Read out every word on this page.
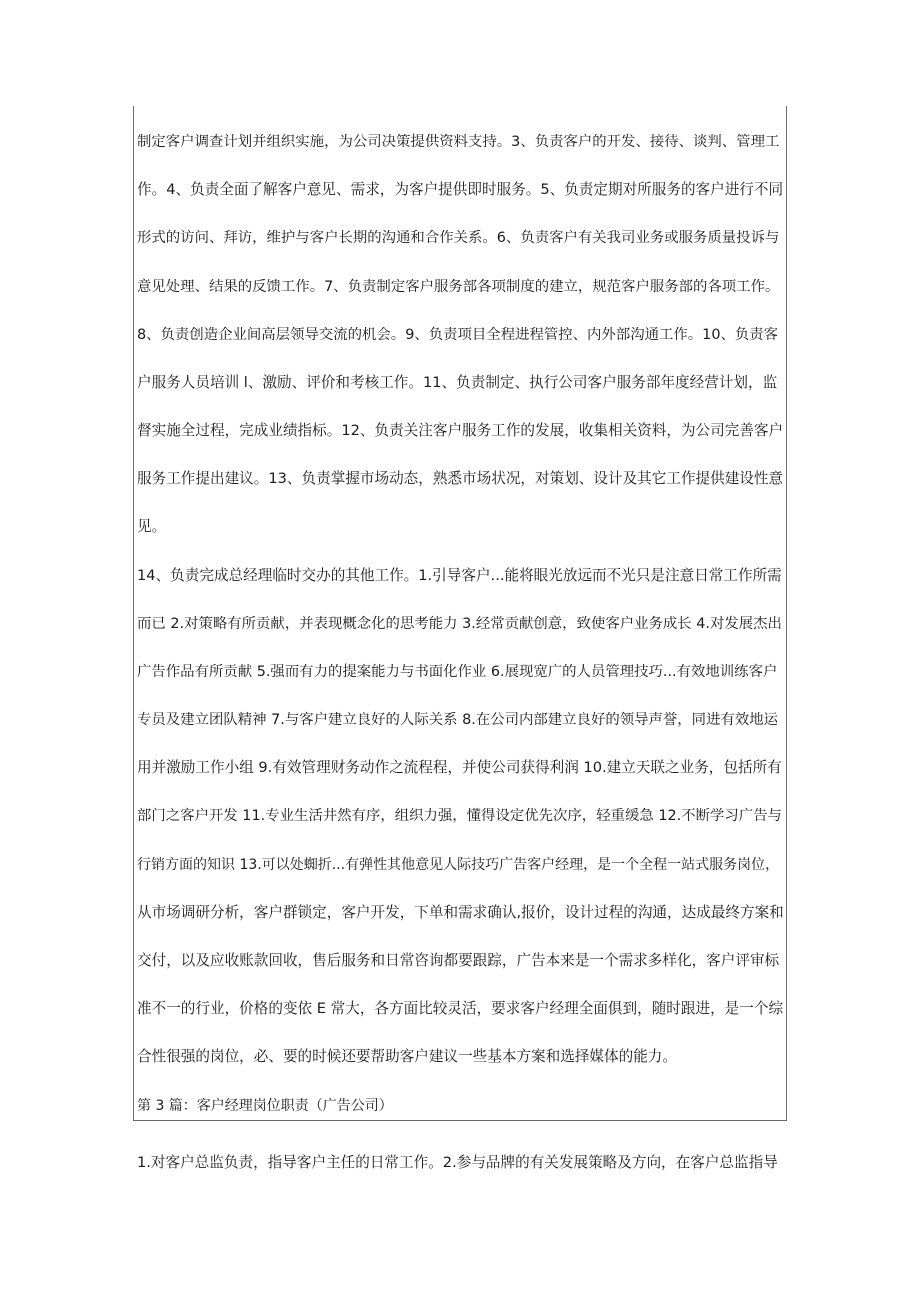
制定客户调查计划并组织实施，为公司决策提供资料支持。3、负责客户的开发、接待、谈判、管理工
作。4、负责全面了解客户意见、需求，为客户提供即时服务。5、负责定期对所服务的客户进行不同
形式的访问、拜访，维护与客户长期的沟通和合作关系。6、负责客户有关我司业务或服务质量投诉与
意见处理、结果的反馈工作。7、负责制定客户服务部各项制度的建立，规范客户服务部的各项工作。
8、负责创造企业间高层领导交流的机会。9、负责项目全程进程管控、内外部沟通工作。10、负责客
户服务人员培训 l、激励、评价和考核工作。11、负责制定、执行公司客户服务部年度经营计划，监
督实施全过程，完成业绩指标。12、负责关注客户服务工作的发展，收集相关资料，为公司完善客户
服务工作提出建议。13、负责掌握市场动态，熟悉市场状况，对策划、设计及其它工作提供建设性意
见。
14、负责完成总经理临时交办的其他工作。1.引导客户...能将眼光放远而不光只是注意日常工作所需
而已 2.对策略有所贡献，并表现概念化的思考能力 3.经常贡献创意，致使客户业务成长 4.对发展杰出
广告作品有所贡献 5.强而有力的提案能力与书面化作业 6.展现宽广的人员管理技巧...有效地训练客户
专员及建立团队精神 7.与客户建立良好的人际关系 8.在公司内部建立良好的领导声誉，同进有效地运
用并激励工作小组 9.有效管理财务动作之流程程，并使公司获得利润 10.建立天联之业务，包括所有
部门之客户开发 11.专业生活井然有序，组织力强，懂得设定优先次序，轻重缓急 12.不断学习广告与
行销方面的知识 13.可以处蜘折...有弹性其他意见人际技巧广告客户经理，是一个全程一站式服务岗位，
从市场调研分析，客户群锁定，客户开发，下单和需求确认,报价，设计过程的沟通，达成最终方案和
交付，以及应收账款回收，售后服务和日常咨询都要跟踪，广告本来是一个需求多样化，客户评审标
准不一的行业，价格的变依 E 常大，各方面比较灵活，要求客户经理全面俱到，随时跟进，是一个综
合性很强的岗位，必、要的时候还要帮助客户建议一些基本方案和选择媒体的能力。
第 3 篇：客户经理岗位职责（广告公司）
1.对客户总监负责，指导客户主任的日常工作。2.参与品牌的有关发展策略及方向，在客户总监指导
